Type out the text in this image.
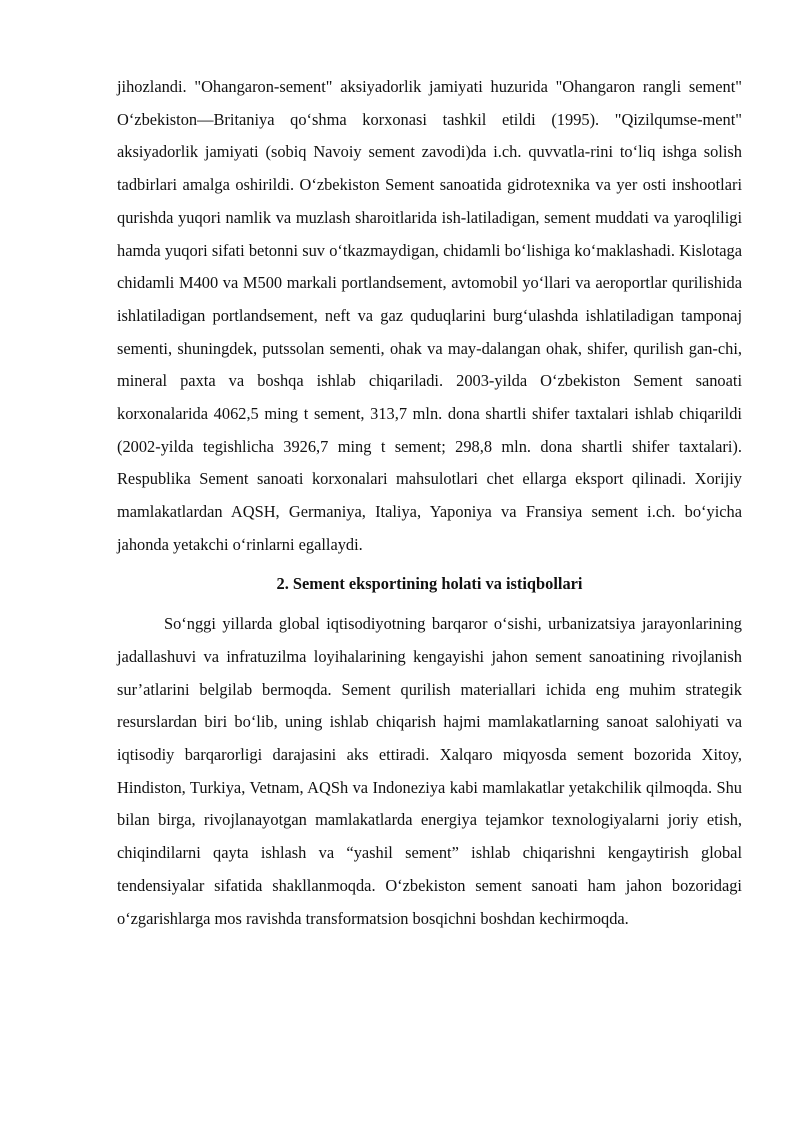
jihozlandi. "Ohangaron-sement" aksiyadorlik jamiyati huzurida "Ohangaron rangli sement" O‘zbekiston—Britaniya qo‘shma korxonasi tashkil etildi (1995). "Qizilqumse-ment" aksiyadorlik jamiyati (sobiq Navoiy sement zavodi)da i.ch. quvvatla-rini to‘liq ishga solish tadbirlari amalga oshirildi. O‘zbekiston Sement sanoatida gidrotexnika va yer osti inshootlari qurishda yuqori namlik va muzlash sharoitlarida ish-latiladigan, sement muddati va yaroqliligi hamda yuqori sifati betonni suv o‘tkazmaydigan, chidamli bo‘lishiga ko‘maklashadi. Kislotaga chidamli M400 va M500 markali portlandsement, avtomobil yo‘llari va aeroportlar qurilishida ishlatiladigan portlandsement, neft va gaz quduqlarini burg‘ulashda ishlatiladigan tamponaj sementi, shuningdek, putssolan sementi, ohak va may-dalangan ohak, shifer, qurilish gan-chi, mineral paxta va boshqa ishlab chiqariladi. 2003-yilda O‘zbekiston Sement sanoati korxonalarida 4062,5 ming t sement, 313,7 mln. dona shartli shifer taxtalari ishlab chiqarildi (2002-yilda tegishlicha 3926,7 ming t sement; 298,8 mln. dona shartli shifer taxtalari). Respublika Sement sanoati korxonalari mahsulotlari chet ellarga eksport qilinadi. Xorijiy mamlakatlardan AQSH, Germaniya, Italiya, Yaponiya va Fransiya sement i.ch. bo‘yicha jahonda yetakchi o‘rinlarni egallaydi.

2. Sement eksportining holati va istiqbollari

So‘nggi yillarda global iqtisodiyotning barqaror o‘sishi, urbanizatsiya jarayonlarining jadallashuvi va infratuzilma loyihalarining kengayishi jahon sement sanoatining rivojlanish sur’atlarini belgilab bermoqda. Sement qurilish materiallari ichida eng muhim strategik resurslardan biri bo‘lib, uning ishlab chiqarish hajmi mamlakatlarning sanoat salohiyati va iqtisodiy barqarorligi darajasini aks ettiradi. Xalqaro miqyosda sement bozorida Xitoy, Hindiston, Turkiya, Vetnam, AQSh va Indoneziya kabi mamlakatlar yetakchilik qilmoqda. Shu bilan birga, rivojlanayotgan mamlakatlarda energiya tejamkor texnologiyalarni joriy etish, chiqindilarni qayta ishlash va “yashil sement” ishlab chiqarishni kengaytirish global tendensiyalar sifatida shakllanmoqda. O‘zbekiston sement sanoati ham jahon bozoridagi o‘zgarishlarga mos ravishda transformatsion bosqichni boshdan kechirmoqda.
